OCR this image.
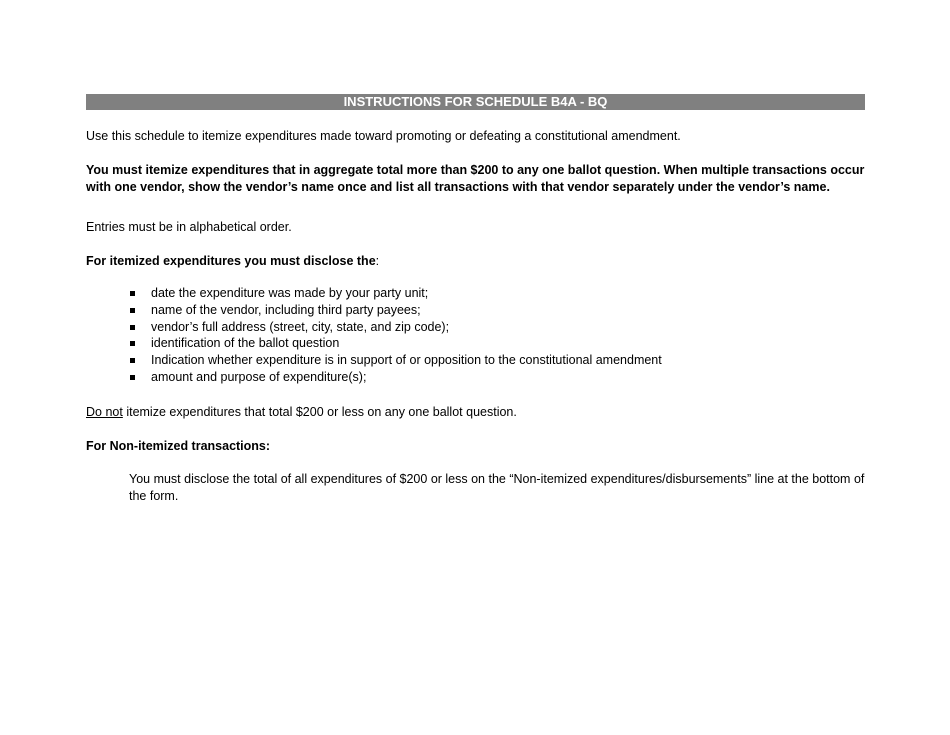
INSTRUCTIONS FOR SCHEDULE B4A - BQ

Use this schedule to itemize expenditures made toward promoting or defeating a constitutional amendment.

You must itemize expenditures that in aggregate total more than $200 to any one ballot question. When multiple transactions occur with one vendor, show the vendor’s name once and list all transactions with that vendor separately under the vendor’s name.

Entries must be in alphabetical order.

For itemized expenditures you must disclose the:

date the expenditure was made by your party unit;
name of the vendor, including third party payees;
vendor’s full address (street, city, state, and zip code);
identification of the ballot question
Indication whether expenditure is in support of or opposition to the constitutional amendment
amount and purpose of expenditure(s);

Do not itemize expenditures that total $200 or less on any one ballot question.

For Non-itemized transactions:

You must disclose the total of all expenditures of $200 or less on the “Non-itemized expenditures/disbursements” line at the bottom of the form.
